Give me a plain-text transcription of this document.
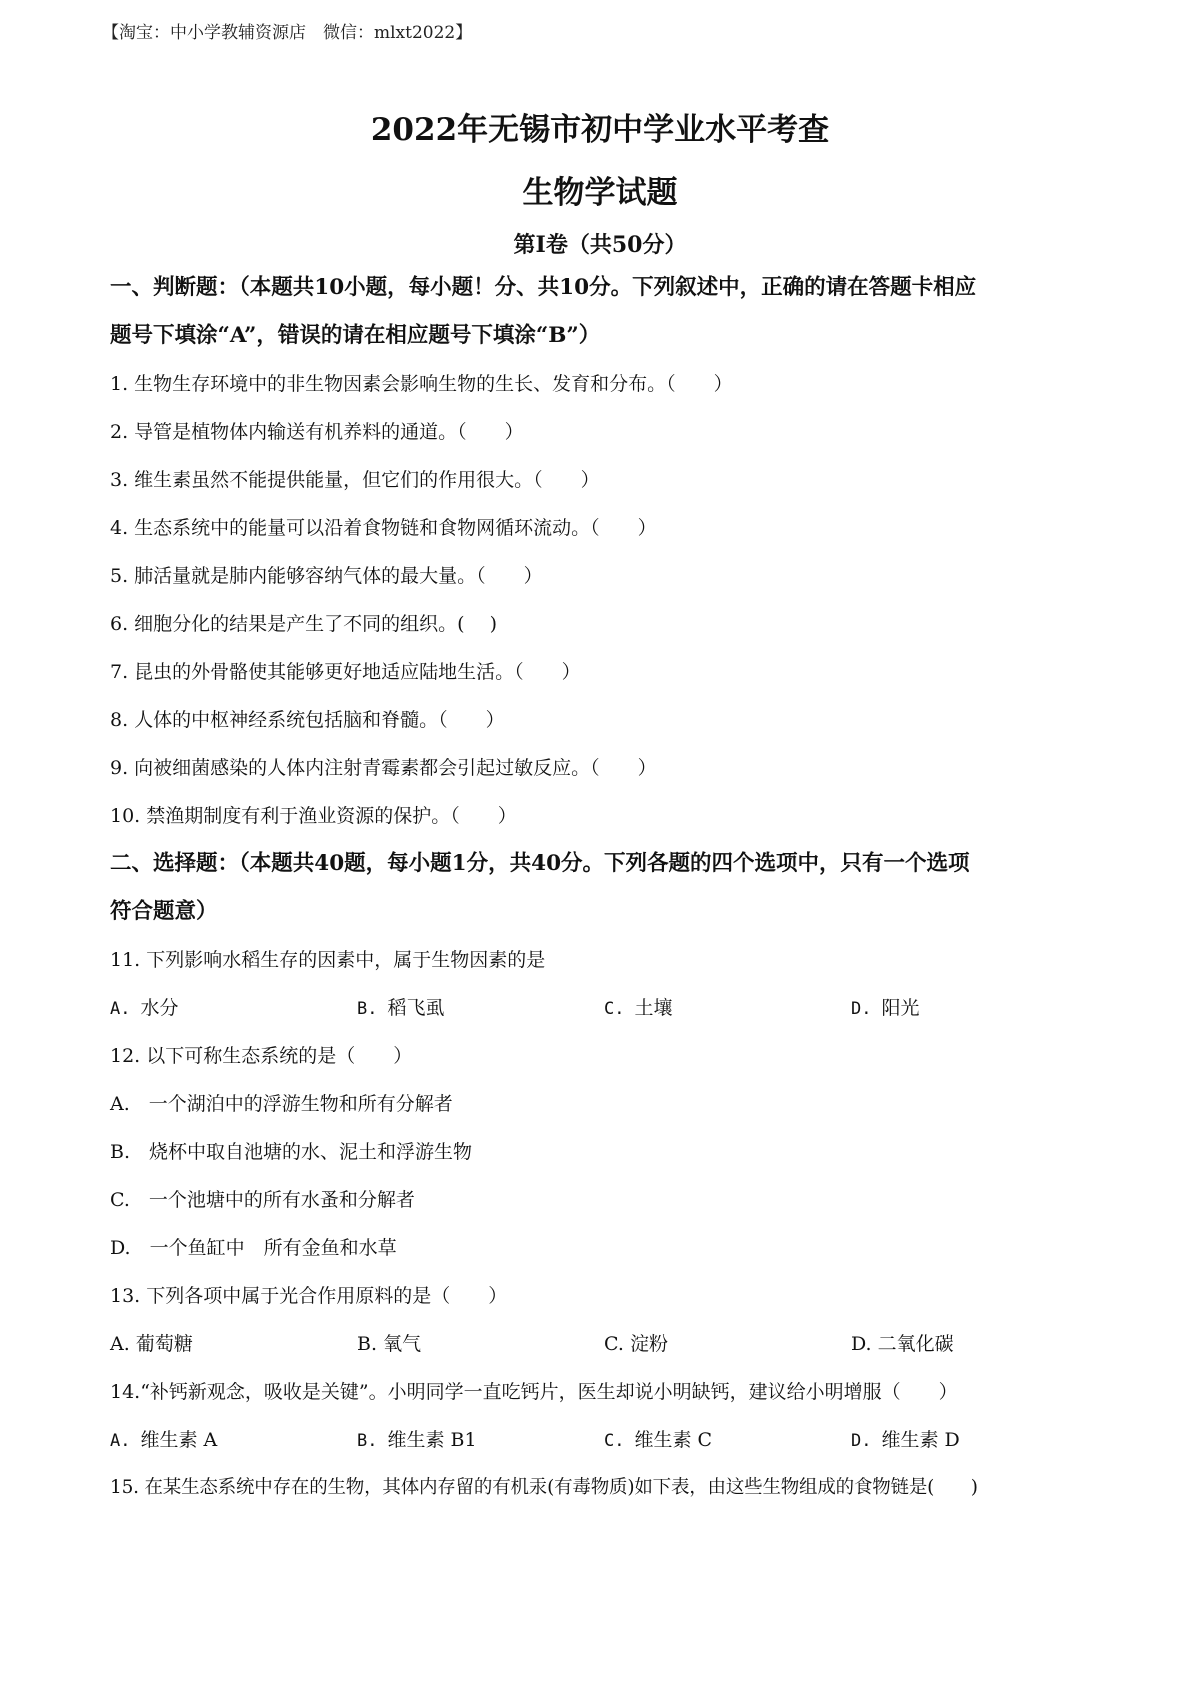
【淘宝：中小学教辅资源店　微信：mlxt2022】
2022年无锡市初中学业水平考查
生物学试题
第Ⅰ卷（共50分）

一、判断题：（本题共10小题，每小题！分、共10分。下列叙述中，正确的请在答题卡相应

题号下填涂“A”，错误的请在相应题号下填涂“B”）

1. 生物生存环境中的非生物因素会影响生物的生长、发育和分布。（　　）

2. 导管是植物体内输送有机养料的通道。（　　）

3. 维生素虽然不能提供能量，但它们的作用很大。（　　）

4. 生态系统中的能量可以沿着食物链和食物网循环流动。（　　）

5. 肺活量就是肺内能够容纳气体的最大量。（　　）

6. 细胞分化的结果是产生了不同的组织。(　 )

7. 昆虫的外骨骼使其能够更好地适应陆地生活。（　　）

8. 人体的中枢神经系统包括脑和脊髓。（　　）

9. 向被细菌感染的人体内注射青霉素都会引起过敏反应。（　　）

10. 禁渔期制度有利于渔业资源的保护。（　　）

二、选择题：（本题共40题，每小题1分，共40分。下列各题的四个选项中，只有一个选项

符合题意）

11. 下列影响水稻生存的因素中，属于生物因素的是

A. 水分	B. 稻飞虱	C. 土壤	D. 阳光

12. 以下可称生态系统的是（　　）

A.　一个湖泊中的浮游生物和所有分解者

B.　烧杯中取自池塘的水、泥土和浮游生物

C.　一个池塘中的所有水蚤和分解者

D.　一个鱼缸中　所有金鱼和水草

13. 下列各项中属于光合作用原料的是（　　）

A. 葡萄糖	B. 氧气	C. 淀粉	D. 二氧化碳

14.“补钙新观念，吸收是关键”。小明同学一直吃钙片，医生却说小明缺钙，建议给小明增服（　　）

A. 维生素 A	B. 维生素 B1	C. 维生素 C	D. 维生素 D

15. 在某生态系统中存在的生物，其体内存留的有机汞(有毒物质)如下表，由这些生物组成的食物链是(　　)
